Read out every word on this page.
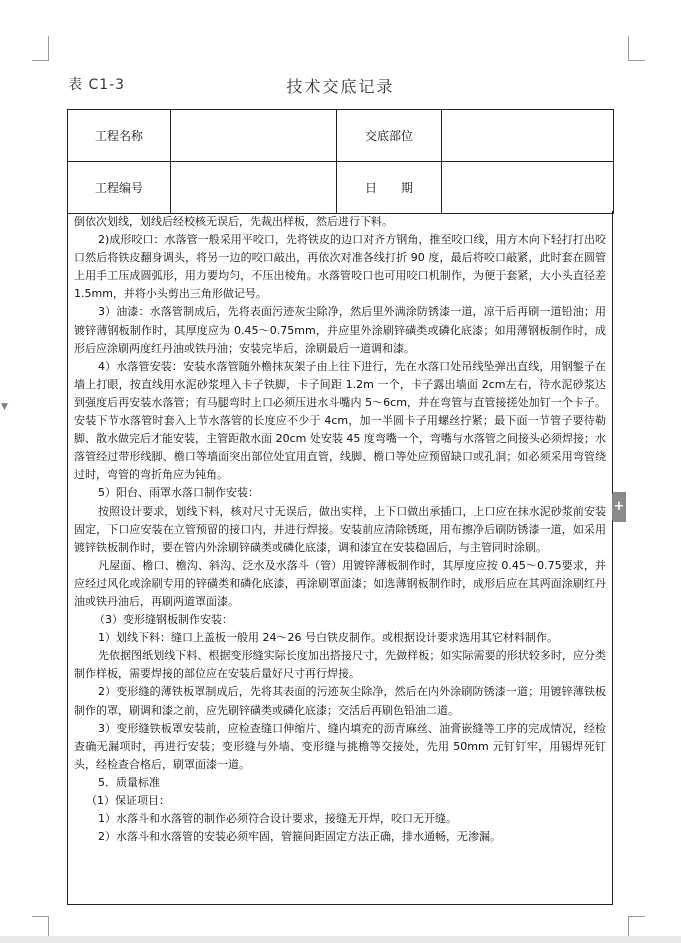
表 C1-3	技术交底记录
工程名称		交底部位	
工程编号		日　　期	

倒依次划线，划线后经校核无误后，先裁出样板，然后进行下料。

2)成形咬口：水落管一般采用平咬口，先将铁皮的边口对齐方钢角，推至咬口线，用方木向下轻打打出咬口然后将铁皮翻身调头，将另一边的咬口敲出，再依次对准各线打折 90 度，最后将咬口敲紧，此时套在圆管上用手工压成圆弧形，用力要均匀，不压出棱角。水落管咬口也可用咬口机制作，为便于套紧，大小头直径差 1.5mm，并将小头剪出三角形做记号。

3）油漆：水落管制成后，先将表面污迹灰尘除净，然后里外满涂防锈漆一道，凉干后再刷一道铅油；用镀锌薄钢板制作时，其厚度应为 0.45～0.75mm，并应里外涂刷锌磺类或磷化底漆；如用薄钢板制作时，成形后应涂刷两度红丹油或铁丹油；安装完毕后，涂刷最后一道调和漆。

4）水落管安装：安装水落管随外檐抹灰架子由上往下进行，先在水落口处吊线坠弹出直线，用钢錾子在墙上打眼，按直线用水泥砂浆埋入卡子铁脚，卡子间距 1.2m 一个，卡子露出墙面 2cm左右，待水泥砂浆达到强度后再安装水落管；有马腿弯时上口必须压进水斗嘴内 5～6cm，并在弯管与直管接搓处加钉一个卡子。安装下节水落管时套入上节水落管的长度应不少于 4cm，加一半圆卡子用螺丝拧紧；最下面一节管子要待勒脚、散水做完后才能安装，主管距散水面 20cm 处安装 45 度弯嘴一个，弯嘴与水落管之间接头必须焊接；水落管经过带形线脚、檐口等墙面突出部位处宜用直管，线脚、檐口等处应预留缺口或孔洞；如必须采用弯管绕过时，弯管的弯折角应为钝角。

5）阳台、雨罩水落口制作安装：

按照设计要求，划线下料，核对尺寸无误后，做出实样，上下口做出承插口，上口应在抹水泥砂浆前安装固定，下口应安装在立管预留的接口内，并进行焊接。安装前应清除锈斑，用布擦净后刷防锈漆一道，如采用镀锌铁板制作时，要在管内外涂刷锌磺类或磷化底漆，调和漆宜在安装稳固后，与主管同时涂刷。

凡屋面、檐口、檐沟、斜沟、泛水及水落斗（管）用镀锌薄板制作时，其厚度应按 0.45～0.75要求，并应经过风化或涂刷专用的锌磺类和磷化底漆，再涂刷罩面漆；如选薄钢板制作时，成形后应在其两面涂刷红丹油或铁丹油后，再刷两道罩面漆。

（3）变形缝钢板制作安装：

1）划线下料：缝口上盖板一般用 24～26 号白铁皮制作。或根据设计要求选用其它材料制作。

先依据图纸划线下料、根据变形缝实际长度加出搭接尺寸，先做样板；如实际需要的形状较多时，应分类制作样板，需要焊接的部位应在安装后量好尺寸再行焊接。

2）变形缝的薄铁板罩制成后，先将其表面的污迹灰尘除净，然后在内外涂刷防锈漆一道；用镀锌薄铁板制作的罩，刷调和漆之前，应先刷锌磺类或磷化底漆；交活后再刷色铅油二道。

3）变形缝铁板罩安装前，应检查缝口伸缩片、缝内填充的沥青麻丝、油膏嵌缝等工序的完成情况，经检查确无漏项时，再进行安装；变形缝与外墙、变形缝与挑檐等交接处，先用 50mm 元钉钉牢，用锡焊死钉头，经检查合格后，刷罩面漆一道。

5．质量标准

（1）保证项目：

1）水落斗和水落管的制作必须符合设计要求，接缝无开焊，咬口无开缝。

2）水落斗和水落管的安装必须牢固，管箍间距固定方法正确，排水通畅，无渗漏。

+
▼
